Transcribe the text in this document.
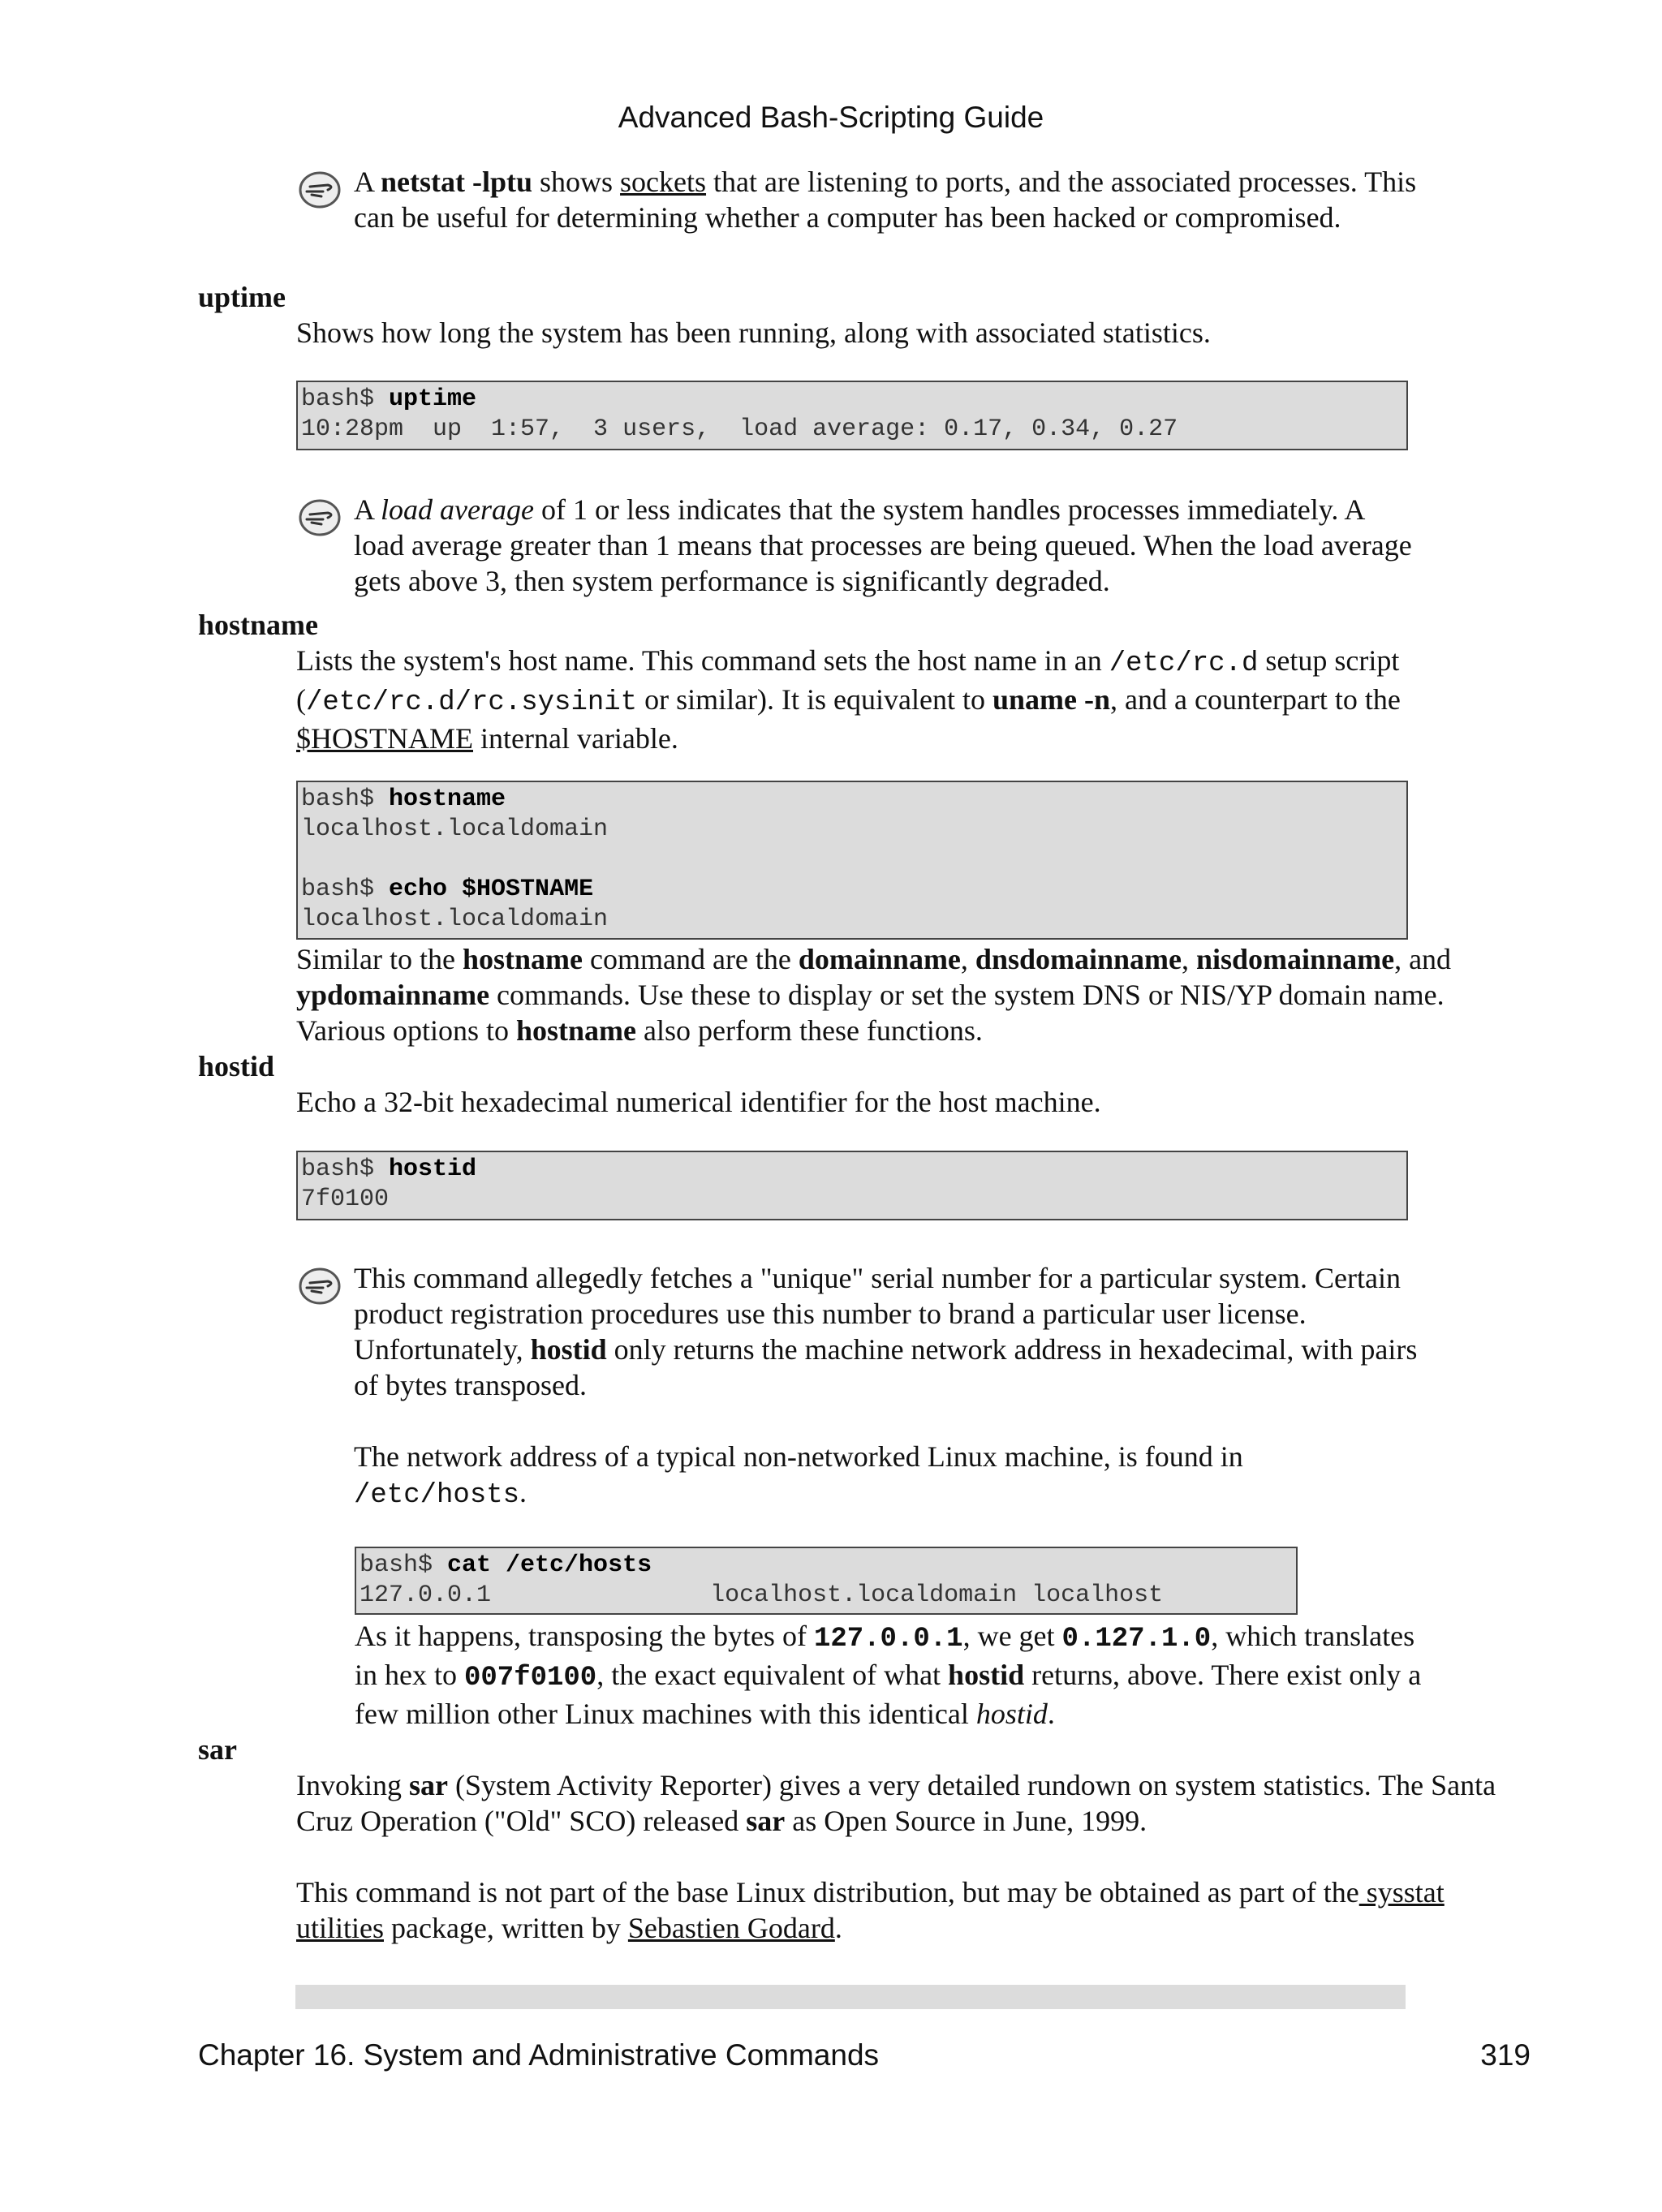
Advanced Bash-Scripting Guide
A netstat -lptu shows sockets that are listening to ports, and the associated processes. This can be useful for determining whether a computer has been hacked or compromised.
uptime
Shows how long the system has been running, along with associated statistics.
bash$ uptime
10:28pm  up  1:57,  3 users,  load average: 0.17, 0.34, 0.27
A load average of 1 or less indicates that the system handles processes immediately. A load average greater than 1 means that processes are being queued. When the load average gets above 3, then system performance is significantly degraded.
hostname
Lists the system's host name. This command sets the host name in an /etc/rc.d setup script (/etc/rc.d/rc.sysinit or similar). It is equivalent to uname -n, and a counterpart to the $HOSTNAME internal variable.
bash$ hostname
localhost.localdomain

bash$ echo $HOSTNAME
localhost.localdomain
Similar to the hostname command are the domainname, dnsdomainname, nisdomainname, and ypdomainname commands. Use these to display or set the system DNS or NIS/YP domain name. Various options to hostname also perform these functions.
hostid
Echo a 32-bit hexadecimal numerical identifier for the host machine.
bash$ hostid
7f0100
This command allegedly fetches a "unique" serial number for a particular system. Certain product registration procedures use this number to brand a particular user license. Unfortunately, hostid only returns the machine network address in hexadecimal, with pairs of bytes transposed.

The network address of a typical non-networked Linux machine, is found in /etc/hosts.
bash$ cat /etc/hosts
127.0.0.1               localhost.localdomain localhost
As it happens, transposing the bytes of 127.0.0.1, we get 0.127.1.0, which translates in hex to 007f0100, the exact equivalent of what hostid returns, above. There exist only a few million other Linux machines with this identical hostid.
sar
Invoking sar (System Activity Reporter) gives a very detailed rundown on system statistics. The Santa Cruz Operation ("Old" SCO) released sar as Open Source in June, 1999.
This command is not part of the base Linux distribution, but may be obtained as part of the sysstat utilities package, written by Sebastien Godard.
Chapter 16. System and Administrative Commands	319
